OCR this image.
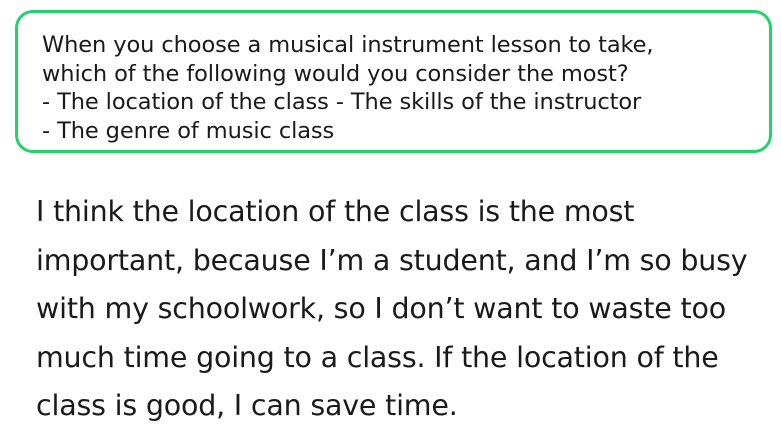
When you choose a musical instrument lesson to take,
which of the following would you consider the most?
- The location of the class - The skills of the instructor
- The genre of music class
I think the location of the class is the most
important, because I’m a student, and I’m so busy
with my schoolwork, so I don’t want to waste too
much time going to a class. If the location of the
class is good, I can save time.
